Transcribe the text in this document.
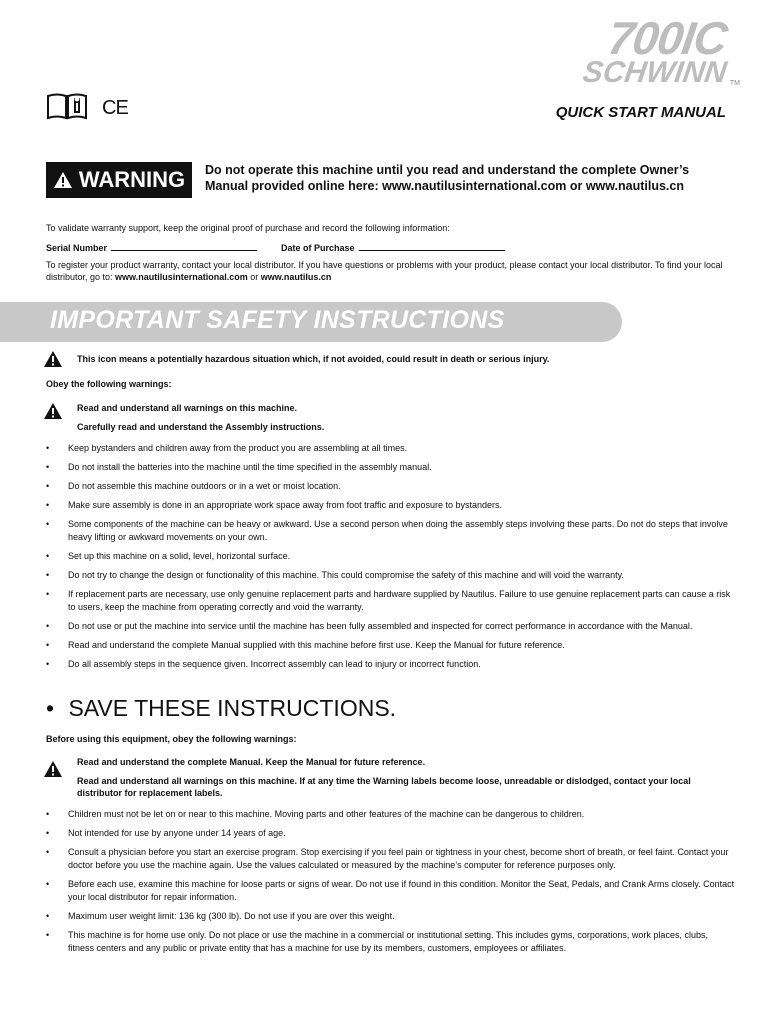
700IC
SCHWINN TM
CE	QUICK START MANUAL
WARNING Do not operate this machine until you read and understand the complete Owner’s Manual provided online here: www.nautilusinternational.com or www.nautilus.cn
To validate warranty support, keep the original proof of purchase and record the following information:
Serial Number	Date of Purchase
To register your product warranty, contact your local distributor. If you have questions or problems with your product, please contact your local distributor. To find your local distributor, go to: www.nautilusinternational.com or www.nautilus.cn
IMPORTANT SAFETY INSTRUCTIONS
This icon means a potentially hazardous situation which, if not avoided, could result in death or serious injury.
Obey the following warnings:
Read and understand all warnings on this machine.
Carefully read and understand the Assembly instructions.
•	Keep bystanders and children away from the product you are assembling at all times.
•	Do not install the batteries into the machine until the time specified in the assembly manual.
•	Do not assemble this machine outdoors or in a wet or moist location.
•	Make sure assembly is done in an appropriate work space away from foot traffic and exposure to bystanders.
•	Some components of the machine can be heavy or awkward. Use a second person when doing the assembly steps involving these parts. Do not do steps that involve heavy lifting or awkward movements on your own.
•	Set up this machine on a solid, level, horizontal surface.
•	Do not try to change the design or functionality of this machine. This could compromise the safety of this machine and will void the warranty.
•	If replacement parts are necessary, use only genuine replacement parts and hardware supplied by Nautilus. Failure to use genuine replacement parts can cause a risk to users, keep the machine from operating correctly and void the warranty.
•	Do not use or put the machine into service until the machine has been fully assembled and inspected for correct performance in accordance with the Manual.
•	Read and understand the complete Manual supplied with this machine before first use. Keep the Manual for future reference.
•	Do all assembly steps in the sequence given. Incorrect assembly can lead to injury or incorrect function.
• SAVE THESE INSTRUCTIONS.
Before using this equipment, obey the following warnings:
Read and understand the complete Manual. Keep the Manual for future reference.
Read and understand all warnings on this machine. If at any time the Warning labels become loose, unreadable or dislodged, contact your local distributor for replacement labels.
•	Children must not be let on or near to this machine. Moving parts and other features of the machine can be dangerous to children.
•	Not intended for use by anyone under 14 years of age.
•	Consult a physician before you start an exercise program. Stop exercising if you feel pain or tightness in your chest, become short of breath, or feel faint. Contact your doctor before you use the machine again. Use the values calculated or measured by the machine’s computer for reference purposes only.
•	Before each use, examine this machine for loose parts or signs of wear. Do not use if found in this condition. Monitor the Seat, Pedals, and Crank Arms closely. Contact your local distributor for repair information.
•	Maximum user weight limit: 136 kg (300 lb). Do not use if you are over this weight.
•	This machine is for home use only. Do not place or use the machine in a commercial or institutional setting. This includes gyms, corporations, work places, clubs, fitness centers and any public or private entity that has a machine for use by its members, customers, employees or affiliates.
